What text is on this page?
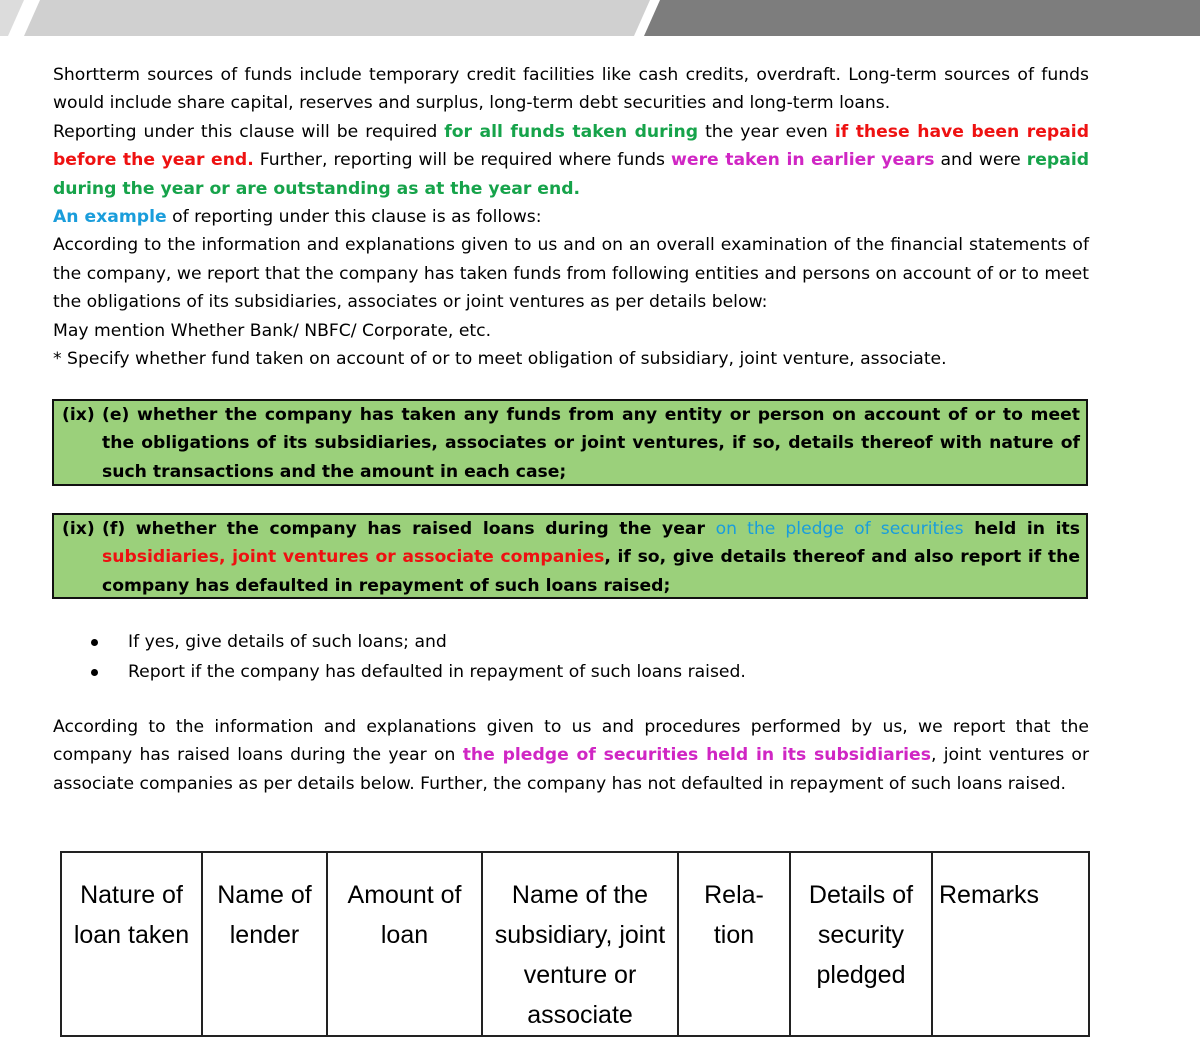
Shortterm sources of funds include temporary credit facilities like cash credits, overdraft. Long-term sources of funds would include share capital, reserves and surplus, long-term debt securities and long-term loans.

Reporting under this clause will be required for all funds taken during the year even if these have been repaid before the year end. Further, reporting will be required where funds were taken in earlier years and were repaid during the year or are outstanding as at the year end.

An example of reporting under this clause is as follows:

According to the information and explanations given to us and on an overall examination of the financial statements of the company, we report that the company has taken funds from following entities and persons on account of or to meet the obligations of its subsidiaries, associates or joint ventures as per details below:

May mention Whether Bank/ NBFC/ Corporate, etc.

* Specify whether fund taken on account of or to meet obligation of subsidiary, joint venture, associate.

(ix) (e) whether the company has taken any funds from any entity or person on account of or to meet the obligations of its subsidiaries, associates or joint ventures, if so, details thereof with nature of such transactions and the amount in each case;
(ix) (f) whether the company has raised loans during the year on the pledge of securities held in its subsidiaries, joint ventures or associate companies, if so, give details thereof and also report if the company has defaulted in repayment of such loans raised;
If yes, give details of such loans; and
Report if the company has defaulted in repayment of such loans raised.

According to the information and explanations given to us and procedures performed by us, we report that the company has raised loans during the year on the pledge of securities held in its subsidiaries, joint ventures or associate companies as per details below. Further, the company has not defaulted in repayment of such loans raised.

Nature of loan taken	Name of lender	Amount of loan	Name of the subsidiary, joint venture or associate	Rela-tion	Details of security pledged	Remarks
